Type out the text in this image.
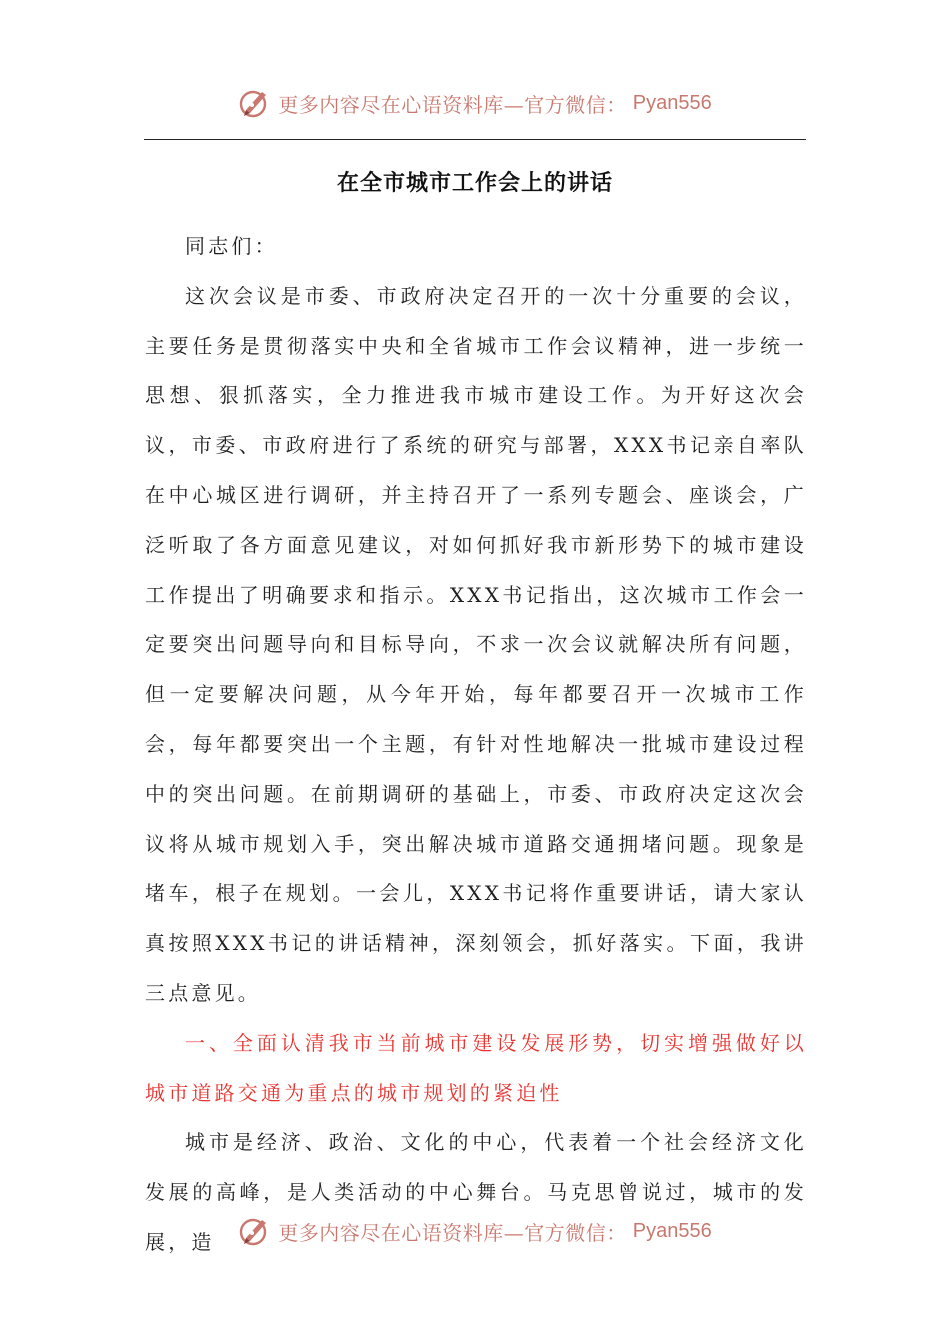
更多内容尽在心语资料库—官方微信： Pyan556
在全市城市工作会上的讲话

同志们：

这次会议是市委、市政府决定召开的一次十分重要的会议，主要任务是贯彻落实中央和全省城市工作会议精神，进一步统一思想、狠抓落实，全力推进我市城市建设工作。为开好这次会议，市委、市政府进行了系统的研究与部署，XXX书记亲自率队在中心城区进行调研，并主持召开了一系列专题会、座谈会，广泛听取了各方面意见建议，对如何抓好我市新形势下的城市建设工作提出了明确要求和指示。XXX书记指出，这次城市工作会一定要突出问题导向和目标导向，不求一次会议就解决所有问题，但一定要解决问题，从今年开始，每年都要召开一次城市工作会，每年都要突出一个主题，有针对性地解决一批城市建设过程中的突出问题。在前期调研的基础上，市委、市政府决定这次会议将从城市规划入手，突出解决城市道路交通拥堵问题。现象是堵车，根子在规划。一会儿，XXX书记将作重要讲话，请大家认真按照XXX书记的讲话精神，深刻领会，抓好落实。下面，我讲三点意见。

一、全面认清我市当前城市建设发展形势，切实增强做好以城市道路交通为重点的城市规划的紧迫性

城市是经济、政治、文化的中心，代表着一个社会经济文化发展的高峰，是人类活动的中心舞台。马克思曾说过，城市的发展，造	更多内容尽在心语资料库—官方微信： Pyan556
